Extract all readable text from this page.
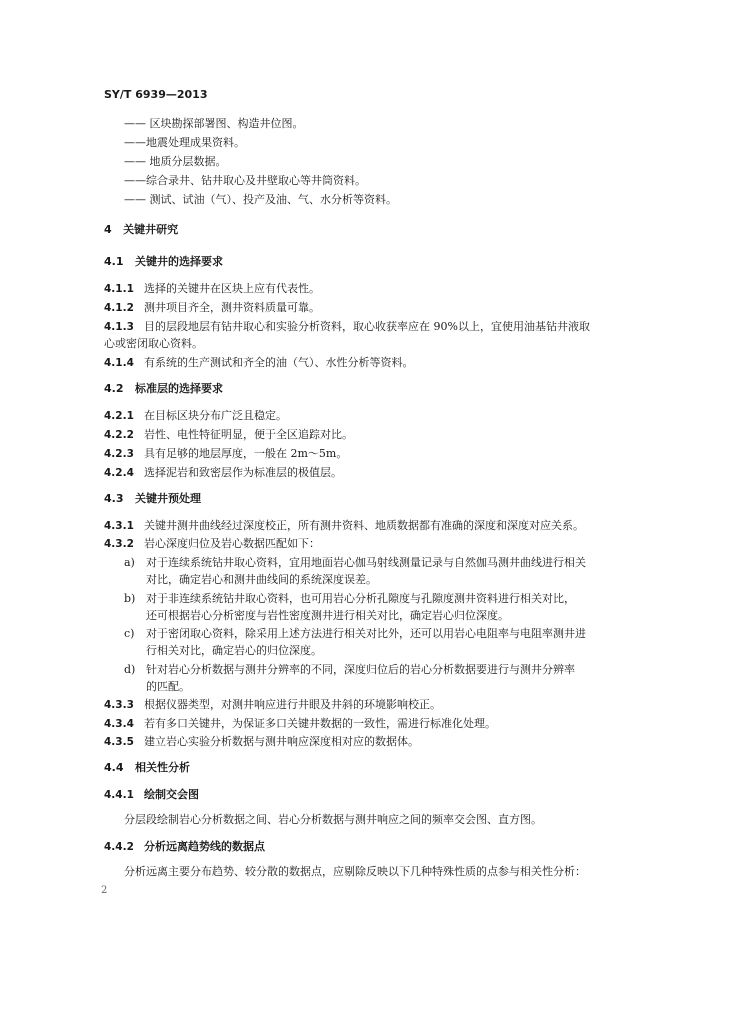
SY/T 6939—2013
—— 区块勘探部署图、构造井位图。
——地震处理成果资料。
—— 地质分层数据。
——综合录井、钻井取心及井壁取心等井筒资料。
—— 测试、试油（气）、投产及油、气、水分析等资料。
4 关键井研究
4.1 关键井的选择要求
4.1.1 选择的关键井在区块上应有代表性。
4.1.2 测井项目齐全，测井资料质量可靠。
4.1.3 目的层段地层有钻井取心和实验分析资料，取心收获率应在 90%以上，宜使用油基钻井液取
心或密闭取心资料。
4.1.4 有系统的生产测试和齐全的油（气）、水性分析等资料。
4.2 标准层的选择要求
4.2.1 在目标区块分布广泛且稳定。
4.2.2 岩性、电性特征明显，便于全区追踪对比。
4.2.3 具有足够的地层厚度，一般在 2m～5m。
4.2.4 选择泥岩和致密层作为标准层的极值层。
4.3 关键井预处理
4.3.1 关键井测井曲线经过深度校正，所有测井资料、地质数据都有准确的深度和深度对应关系。
4.3.2 岩心深度归位及岩心数据匹配如下：
a) 对于连续系统钻井取心资料，宜用地面岩心伽马射线测量记录与自然伽马测井曲线进行相关
对比，确定岩心和测井曲线间的系统深度误差。
b) 对于非连续系统钻井取心资料，也可用岩心分析孔隙度与孔隙度测井资料进行相关对比，
还可根据岩心分析密度与岩性密度测井进行相关对比，确定岩心归位深度。
c) 对于密闭取心资料，除采用上述方法进行相关对比外，还可以用岩心电阻率与电阻率测井进
行相关对比，确定岩心的归位深度。
d) 针对岩心分析数据与测井分辨率的不同，深度归位后的岩心分析数据要进行与测井分辨率
的匹配。
4.3.3 根据仪器类型，对测井响应进行井眼及井斜的环境影响校正。
4.3.4 若有多口关键井，为保证多口关键井数据的一致性，需进行标准化处理。
4.3.5 建立岩心实验分析数据与测井响应深度相对应的数据体。
4.4 相关性分析
4.4.1 绘制交会图
分层段绘制岩心分析数据之间、岩心分析数据与测井响应之间的频率交会图、直方图。
4.4.2 分析远离趋势线的数据点
分析远离主要分布趋势、较分散的数据点，应剔除反映以下几种特殊性质的点参与相关性分析：
2
